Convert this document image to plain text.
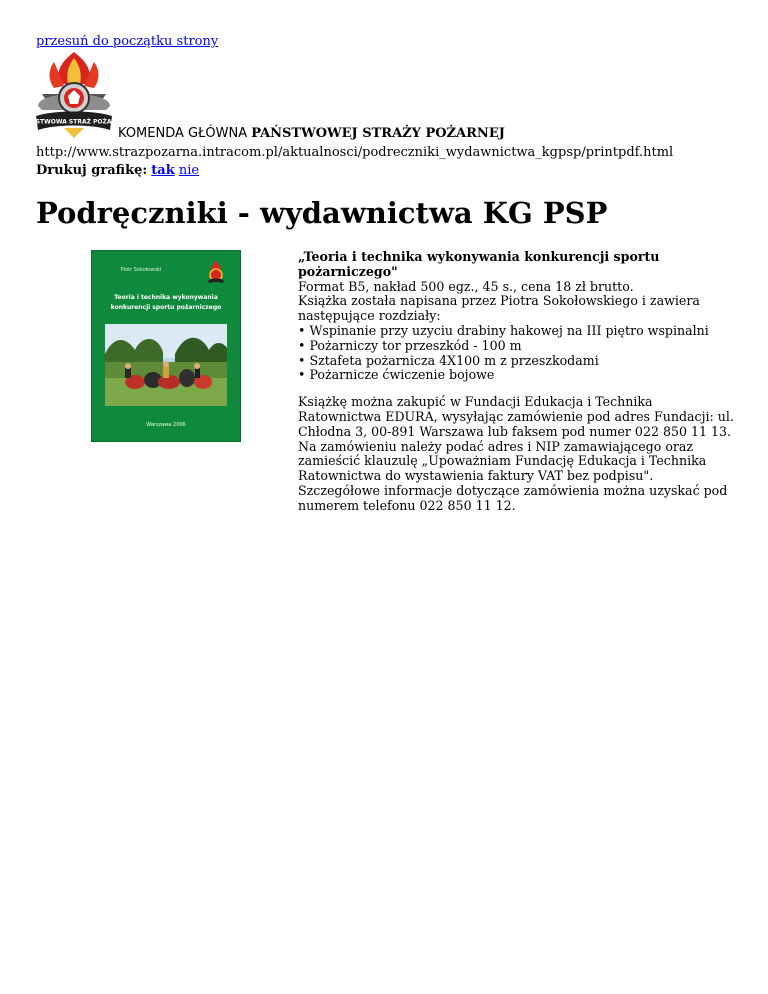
przesuń do początku strony
PAŃSTWOWA STRAŻ POŻARNA
KOMENDA GŁÓWNA PAŃSTWOWEJ STRAŻY POŻARNEJ
http://www.strazpozarna.intracom.pl/aktualnosci/podreczniki_wydawnictwa_kgpsp/printpdf.html
Drukuj grafikę: tak nie
Podręczniki - wydawnictwa KG PSP
Piotr Sokołowski
Teoria i technika wykonywania
konkurencji sportu pożarniczego
Warszawa 2006

„Teoria i technika wykonywania konkurencji sportu pożarniczego"

Format B5, nakład 500 egz., 45 s., cena 18 zł brutto.

Książka została napisana przez Piotra Sokołowskiego i zawiera następujące rozdziały:

• Wspinanie przy uzyciu drabiny hakowej na III piętro wspinalni

• Pożarniczy tor przeszkód - 100 m

• Sztafeta pożarnicza 4X100 m z przeszkodami

• Pożarnicze ćwiczenie bojowe

Książkę można zakupić w Fundacji Edukacja i Technika Ratownictwa EDURA, wysyłając zamówienie pod adres Fundacji: ul. Chłodna 3, 00-891 Warszawa lub faksem pod numer 022 850 11 13. Na zamówieniu należy podać adres i NIP zamawiającego oraz zamieścić klauzulę „Upoważniam Fundację Edukacja i Technika Ratownictwa do wystawienia faktury VAT bez podpisu". Szczegółowe informacje dotyczące zamówienia można uzyskać pod numerem telefonu 022 850 11 12.
